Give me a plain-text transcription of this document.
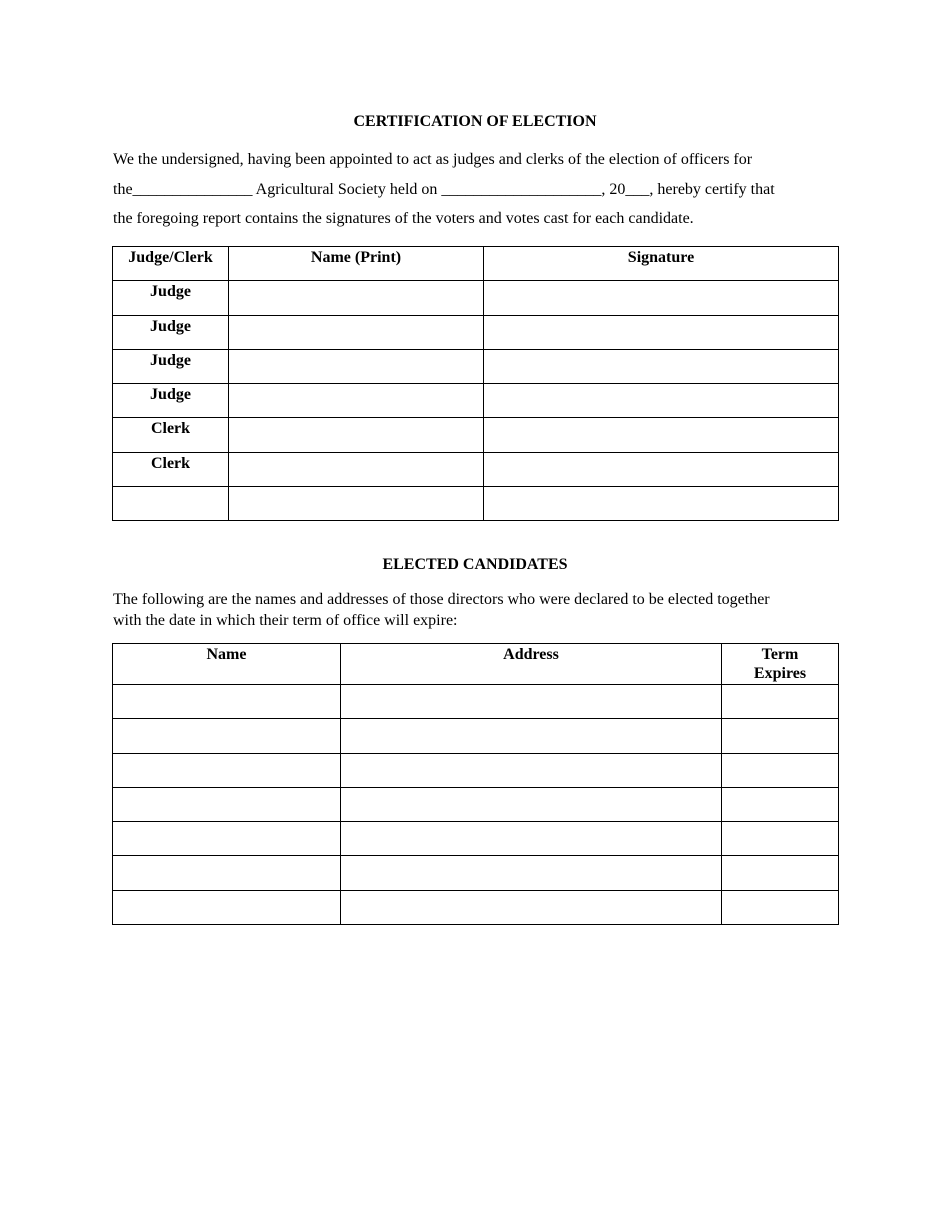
CERTIFICATION OF ELECTION

We the undersigned, having been appointed to act as judges and clerks of the election of officers for
the_______________ Agricultural Society held on ____________________, 20___, hereby certify that
the foregoing report contains the signatures of the voters and votes cast for each candidate.

Judge/Clerk	Name (Print)	Signature
Judge		
Judge		
Judge		
Judge		
Clerk		
Clerk		

ELECTED CANDIDATES

The following are the names and addresses of those directors who were declared to be elected together
with the date in which their term of office will expire:

Name	Address	Term Expires
